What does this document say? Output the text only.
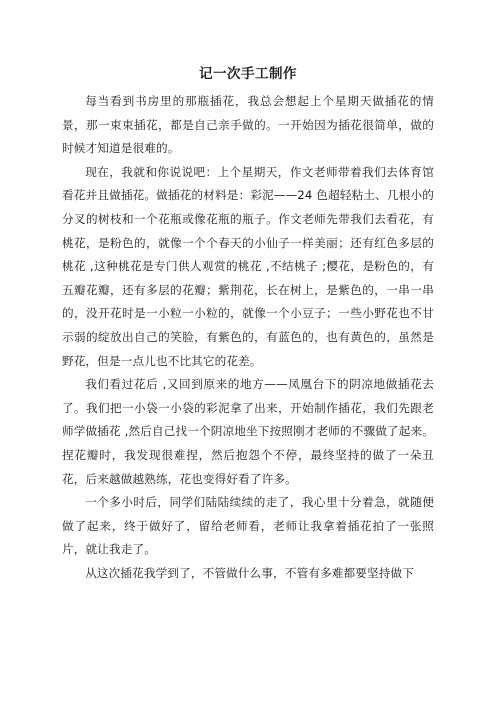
记一次手工制作

每当看到书房里的那瓶插花，我总会想起上个星期天做插花的情景，那一束束插花，都是自己亲手做的。一开始因为插花很简单，做的时候才知道是很难的。

现在，我就和你说说吧：上个星期天，作文老师带着我们去体育馆看花并且做插花。做插花的材料是：彩泥——24 色超轻粘土、几根小的分叉的树枝和一个花瓶或像花瓶的瓶子。作文老师先带我们去看花，有桃花，是粉色的，就像一个个春天的小仙子一样美丽；还有红色多层的桃花 ,这种桃花是专门供人观赏的桃花 ,不结桃子 ;樱花，是粉色的，有五瓣花瓣，还有多层的花瓣；紫荆花，长在树上，是紫色的，一串一串的，没开花时是一小粒一小粒的，就像一个小豆子；一些小野花也不甘示弱的绽放出自己的笑脸，有紫色的，有蓝色的，也有黄色的，虽然是野花，但是一点儿也不比其它的花差。

我们看过花后 ,又回到原来的地方——凤凰台下的阴凉地做插花去了。我们把一小袋一小袋的彩泥拿了出来，开始制作插花，我们先跟老师学做插花 ,然后自己找一个阴凉地坐下按照刚才老师的不骤做了起来。捏花瓣时，我发现很难捏，然后抱怨个不停，最终坚持的做了一朵丑花，后来越做越熟练，花也变得好看了许多。

一个多小时后，同学们陆陆续续的走了，我心里十分着急，就随便做了起来，终于做好了，留给老师看，老师让我拿着插花拍了一张照片，就让我走了。

从这次插花我学到了，不管做什么事，不管有多难都要坚持做下
